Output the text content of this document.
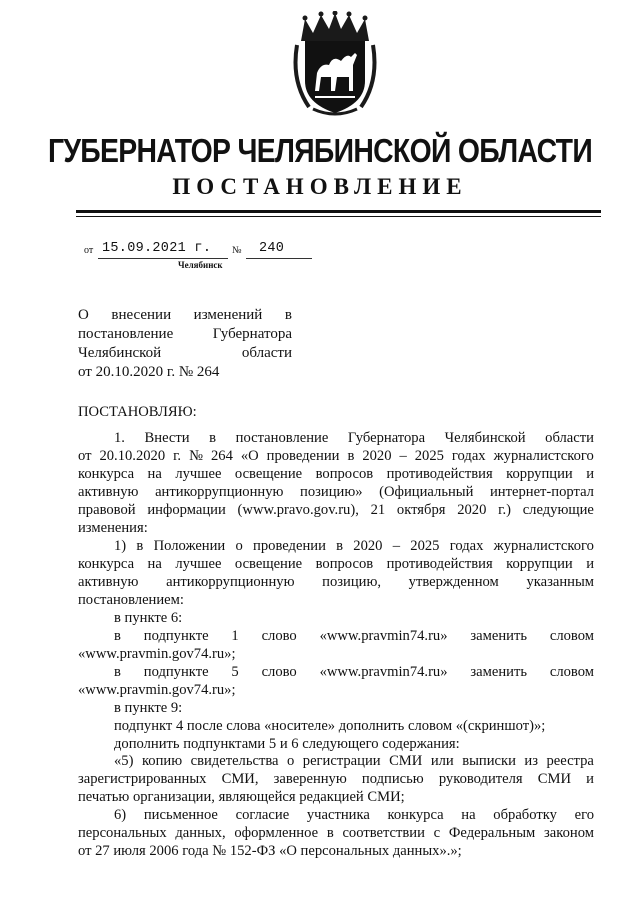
ГУБЕРНАТОР ЧЕЛЯБИНСКОЙ ОБЛАСТИ
ПОСТАНОВЛЕНИЕ
от 15.09.2021 г. № 240
Челябинск
О внесении изменений в
постановление	Губернатора
Челябинской	области
от 20.10.2020 г. № 264
ПОСТАНОВЛЯЮ:
1. Внести в постановление Губернатора Челябинской области
от 20.10.2020 г. № 264 «О проведении в 2020 – 2025 годах журналистского
конкурса на лучшее освещение вопросов противодействия коррупции и
активную антикоррупционную позицию» (Официальный интернет-портал
правовой информации (www.pravo.gov.ru), 21 октября 2020 г.) следующие
изменения:
1) в Положении о проведении в 2020 – 2025 годах журналистского
конкурса на лучшее освещение вопросов противодействия коррупции и
активную антикоррупционную позицию, утвержденном указанным
постановлением:
в пункте 6:
в подпункте 1 слово «www.pravmin74.ru» заменить словом
«www.pravmin.gov74.ru»;
в подпункте 5 слово «www.pravmin74.ru» заменить словом
«www.pravmin.gov74.ru»;
в пункте 9:
подпункт 4 после слова «носителе» дополнить словом «(скриншот)»;
дополнить подпунктами 5 и 6 следующего содержания:
«5) копию свидетельства о регистрации СМИ или выписки из реестра
зарегистрированных СМИ, заверенную подписью руководителя СМИ и
печатью организации, являющейся редакцией СМИ;
6) письменное согласие участника конкурса на обработку его
персональных данных, оформленное в соответствии с Федеральным законом
от 27 июля 2006 года № 152-ФЗ «О персональных данных».»;
